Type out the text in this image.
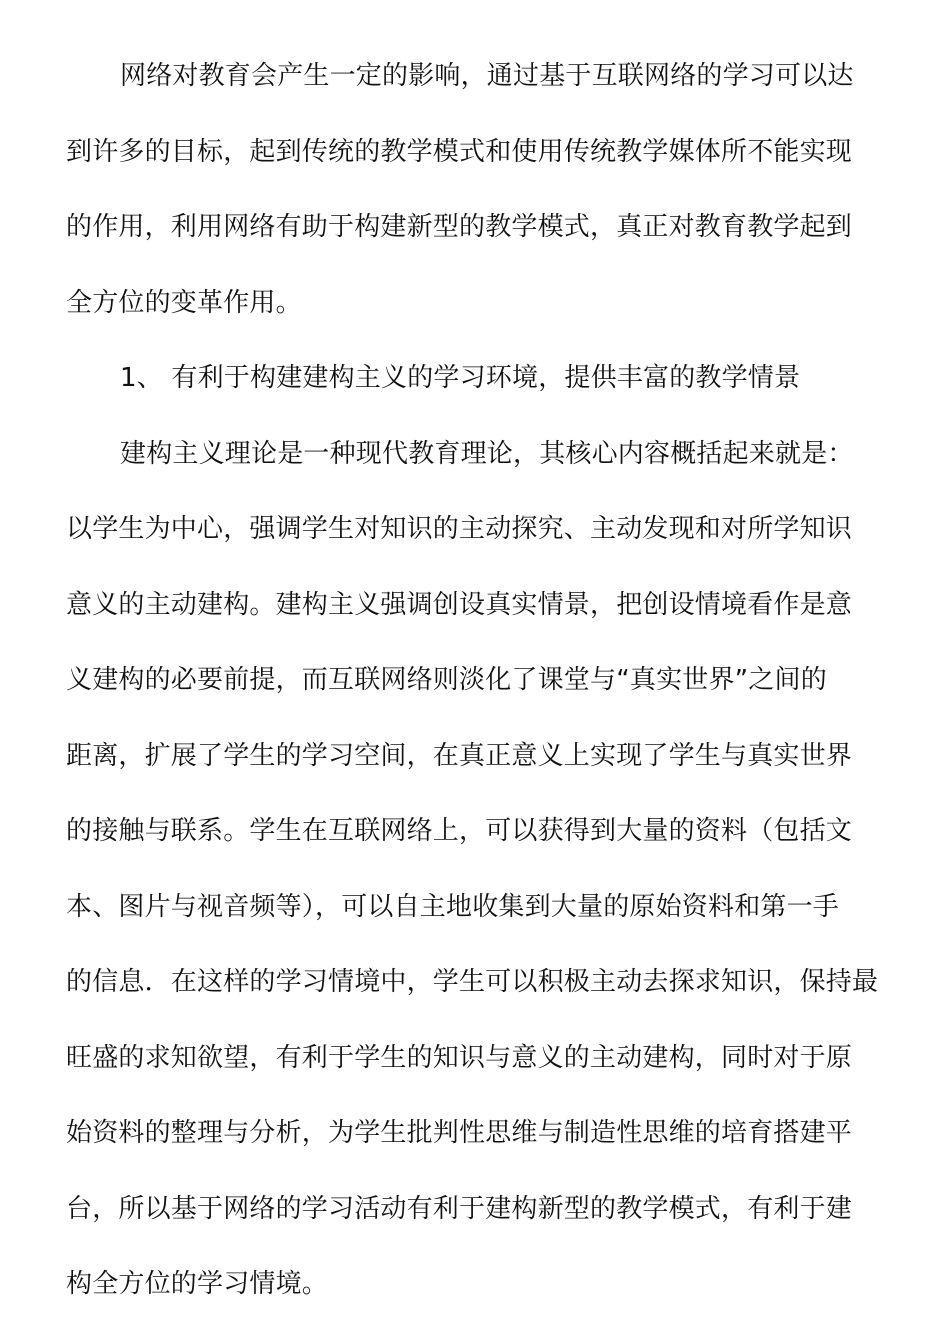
网络对教育会产生一定的影响，通过基于互联网络的学习可以达
到许多的目标，起到传统的教学模式和使用传统教学媒体所不能实现
的作用，利用网络有助于构建新型的教学模式，真正对教育教学起到
全方位的变革作用。
1、 有利于构建建构主义的学习环境，提供丰富的教学情景
建构主义理论是一种现代教育理论，其核心内容概括起来就是：
以学生为中心，强调学生对知识的主动探究、主动发现和对所学知识
意义的主动建构。建构主义强调创设真实情景，把创设情境看作是意
义建构的必要前提，而互联网络则淡化了课堂与“真实世界”之间的
距离，扩展了学生的学习空间，在真正意义上实现了学生与真实世界
的接触与联系。学生在互联网络上，可以获得到大量的资料（包括文
本、图片与视音频等），可以自主地收集到大量的原始资料和第一手
的信息．在这样的学习情境中，学生可以积极主动去探求知识，保持最
旺盛的求知欲望，有利于学生的知识与意义的主动建构，同时对于原
始资料的整理与分析，为学生批判性思维与制造性思维的培育搭建平
台，所以基于网络的学习活动有利于建构新型的教学模式，有利于建
构全方位的学习情境。
